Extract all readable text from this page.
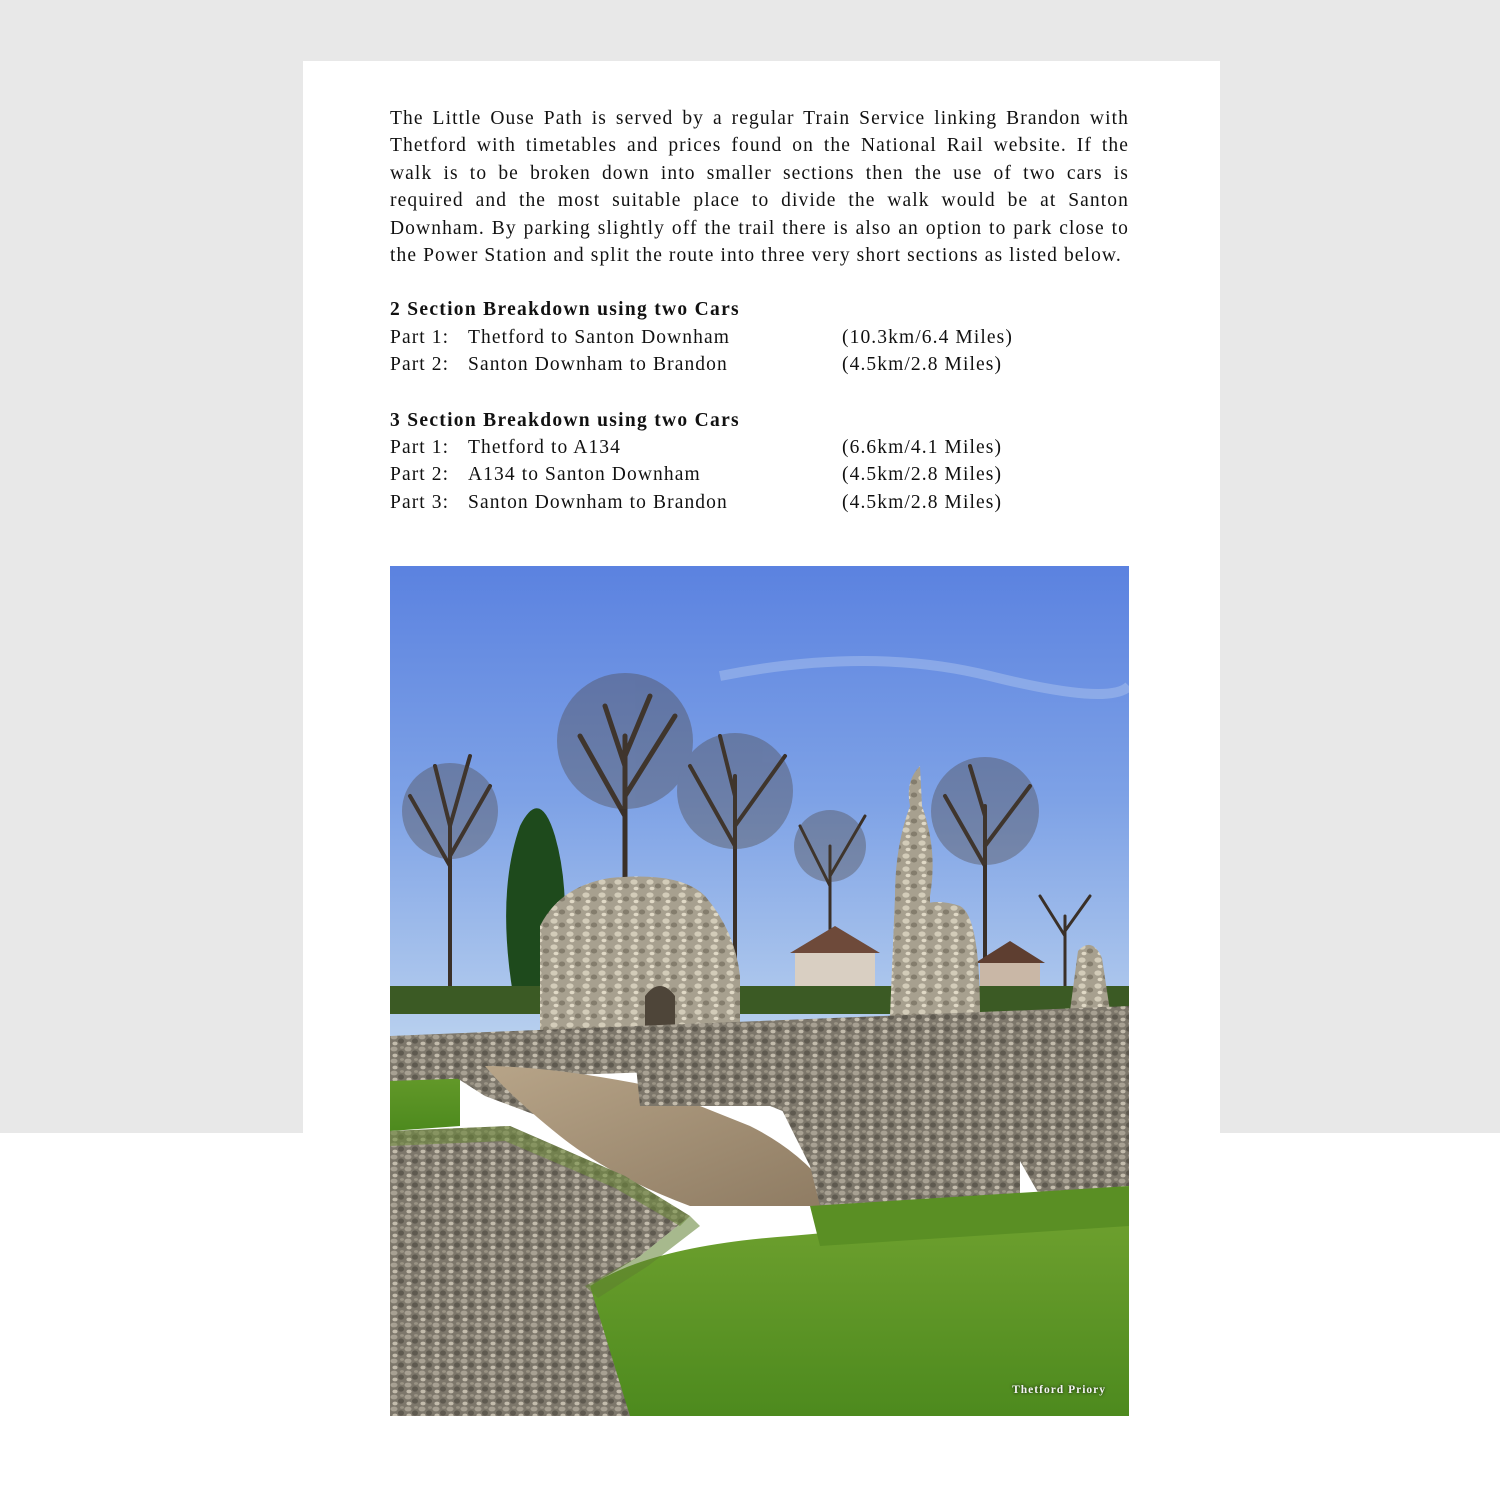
The Little Ouse Path is served by a regular Train Service linking Brandon with Thetford with timetables and prices found on the National Rail website. If the walk is to be broken down into smaller sections then the use of two cars is required and the most suitable place to divide the walk would be at Santon Downham. By parking slightly off the trail there is also an option to park close to the Power Station and split the route into three very short sections as listed below.

2 Section Breakdown using two Cars

Part 1: Thetford to Santon Downham	(10.3km/6.4 Miles)
Part 2: Santon Downham to Brandon	(4.5km/2.8 Miles)

3 Section Breakdown using two Cars

Part 1: Thetford to A134	(6.6km/4.1 Miles)
Part 2: A134 to Santon Downham	(4.5km/2.8 Miles)
Part 3: Santon Downham to Brandon	(4.5km/2.8 Miles)
Thetford Priory
